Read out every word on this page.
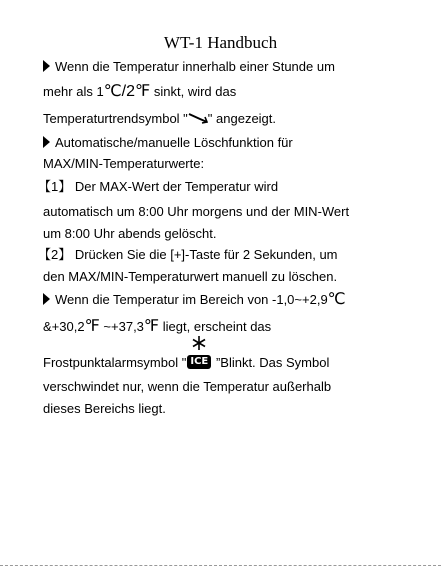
WT-1 Handbuch
Wenn die Temperatur innerhalb einer Stunde um
mehr als 1℃/2℉ sinkt, wird das
Temperaturtrendsymbol " " angezeigt.
Automatische/manuelle Löschfunktion für
MAX/MIN-Temperaturwerte:
【1】 Der MAX-Wert der Temperatur wird
automatisch um 8:00 Uhr morgens und der MIN-Wert
um 8:00 Uhr abends gelöscht.
【2】 Drücken Sie die [+]-Taste für 2 Sekunden, um
den MAX/MIN-Temperaturwert manuell zu löschen.
Wenn die Temperatur im Bereich von -1,0~+2,9℃
&+30,2℉ ~+37,3℉ liegt, erscheint das
Frostpunktalarmsymbol " ICE ”Blinkt. Das Symbol
verschwindet nur, wenn die Temperatur außerhalb
dieses Bereichs liegt.
